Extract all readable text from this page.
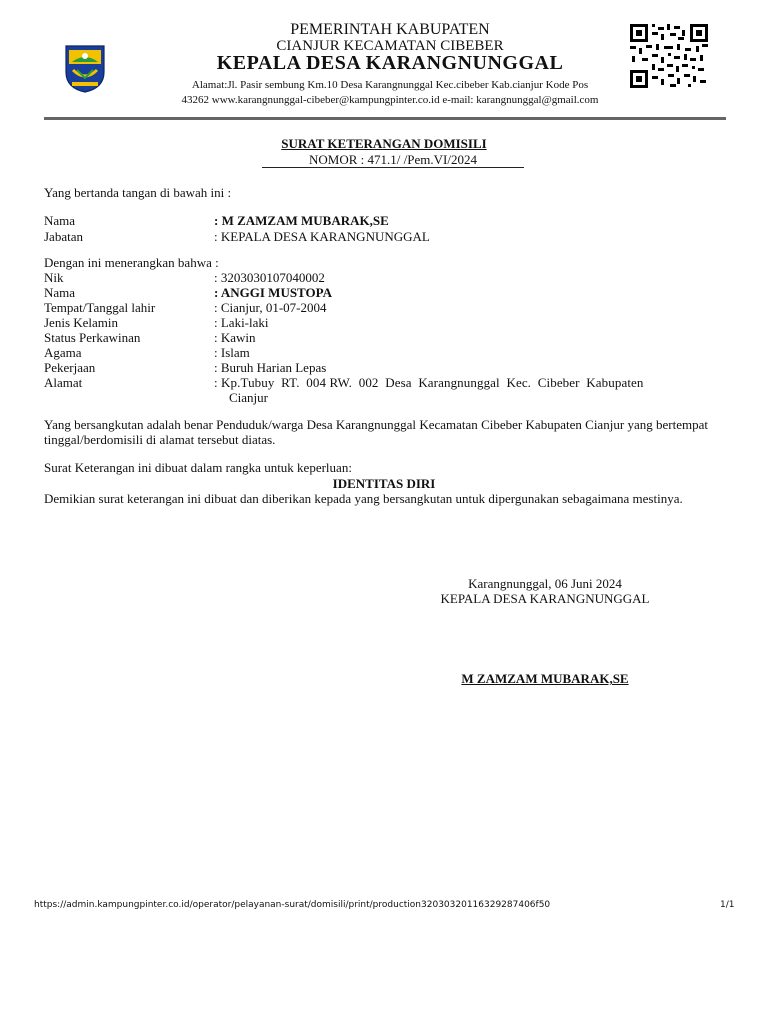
PEMERINTAH KABUPATEN
CIANJUR KECAMATAN CIBEBER
KEPALA DESA KARANGNUNGGAL
Alamat:Jl. Pasir sembung Km.10 Desa Karangnunggal Kec.cibeber Kab.cianjur Kode Pos
43262 www.karangnunggal-cibeber@kampungpinter.co.id e-mail: karangnunggal@gmail.com
SURAT KETERANGAN DOMISILI
NOMOR : 471.1/ /Pem.VI/2024
Yang bertanda tangan di bawah ini :
Nama	: M ZAMZAM MUBARAK,SE
Jabatan	: KEPALA DESA KARANGNUNGGAL
Dengan ini menerangkan bahwa :
Nik	: 3203030107040002
Nama	: ANGGI MUSTOPA
Tempat/Tanggal lahir	: Cianjur, 01-07-2004
Jenis Kelamin	: Laki-laki
Status Perkawinan	: Kawin
Agama	: Islam
Pekerjaan	: Buruh Harian Lepas
Alamat	: Kp.Tubuy  RT.  004 RW.  002  Desa  Karangnunggal  Kec.  Cibeber  Kabupaten
Cianjur
Yang bersangkutan adalah benar Penduduk/warga Desa Karangnunggal Kecamatan Cibeber Kabupaten Cianjur yang bertempat tinggal/berdomisili di alamat tersebut diatas.
Surat Keterangan ini dibuat dalam rangka untuk keperluan:
IDENTITAS DIRI
Demikian surat keterangan ini dibuat dan diberikan kepada yang bersangkutan untuk dipergunakan sebagaimana mestinya.
Karangnunggal, 06 Juni 2024
KEPALA DESA KARANGNUNGGAL
M ZAMZAM MUBARAK,SE
https://admin.kampungpinter.co.id/operator/pelayanan-surat/domisili/print/production32030320116329287406f50	1/1
